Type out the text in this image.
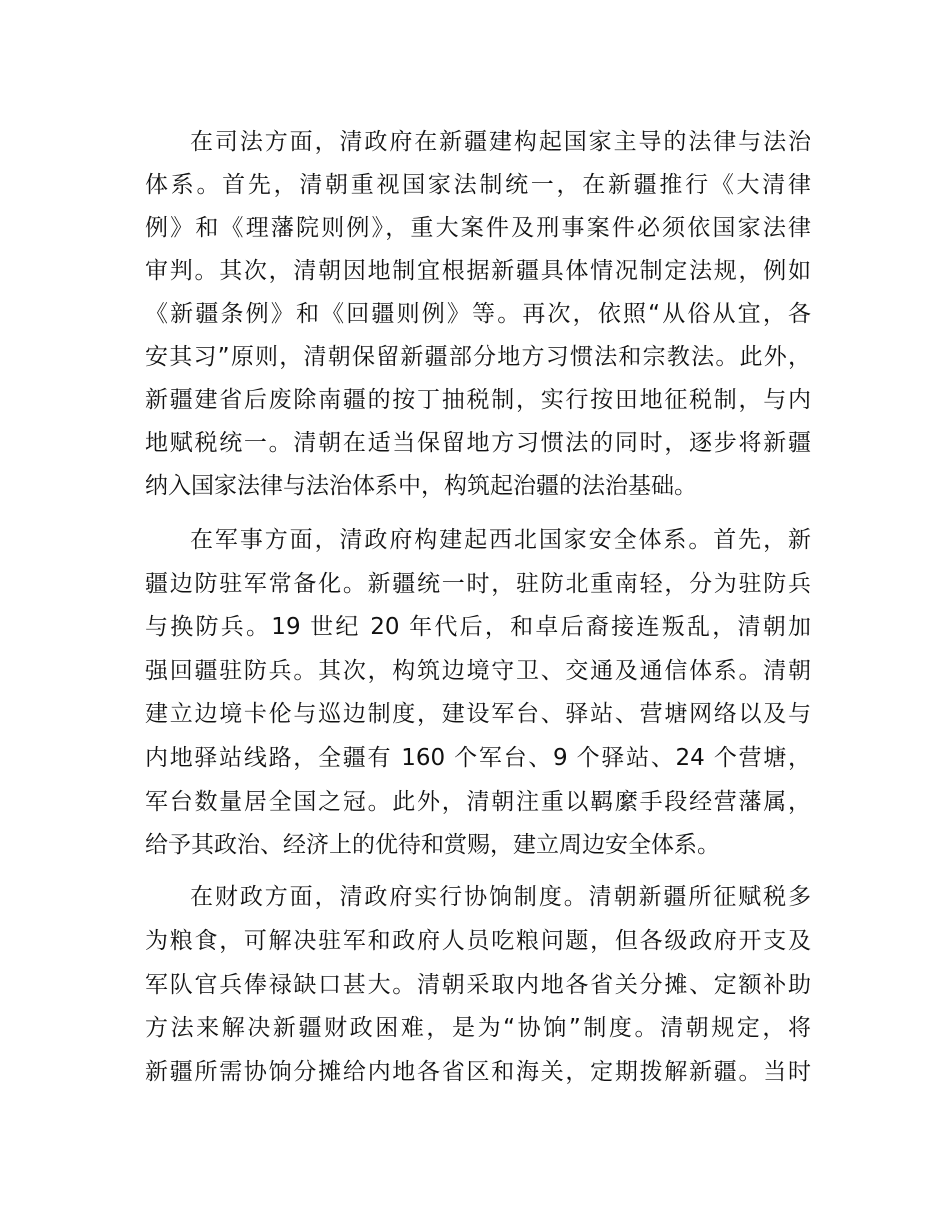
在司法方面，清政府在新疆建构起国家主导的法律与法治
体系。首先，清朝重视国家法制统一，在新疆推行《大清律
例》和《理藩院则例》，重大案件及刑事案件必须依国家法律
审判。其次，清朝因地制宜根据新疆具体情况制定法规，例如
《新疆条例》和《回疆则例》等。再次，依照“从俗从宜，各
安其习”原则，清朝保留新疆部分地方习惯法和宗教法。此外，
新疆建省后废除南疆的按丁抽税制，实行按田地征税制，与内
地赋税统一。清朝在适当保留地方习惯法的同时，逐步将新疆
纳入国家法律与法治体系中，构筑起治疆的法治基础。
在军事方面，清政府构建起西北国家安全体系。首先，新
疆边防驻军常备化。新疆统一时，驻防北重南轻，分为驻防兵
与换防兵。19 世纪 20 年代后，和卓后裔接连叛乱，清朝加
强回疆驻防兵。其次，构筑边境守卫、交通及通信体系。清朝
建立边境卡伦与巡边制度，建设军台、驿站、营塘网络以及与
内地驿站线路，全疆有 160 个军台、9 个驿站、24 个营塘，
军台数量居全国之冠。此外，清朝注重以羁縻手段经营藩属，
给予其政治、经济上的优待和赏赐，建立周边安全体系。
在财政方面，清政府实行协饷制度。清朝新疆所征赋税多
为粮食，可解决驻军和政府人员吃粮问题，但各级政府开支及
军队官兵俸禄缺口甚大。清朝采取内地各省关分摊、定额补助
方法来解决新疆财政困难，是为“协饷”制度。清朝规定，将
新疆所需协饷分摊给内地各省区和海关，定期拨解新疆。当时
